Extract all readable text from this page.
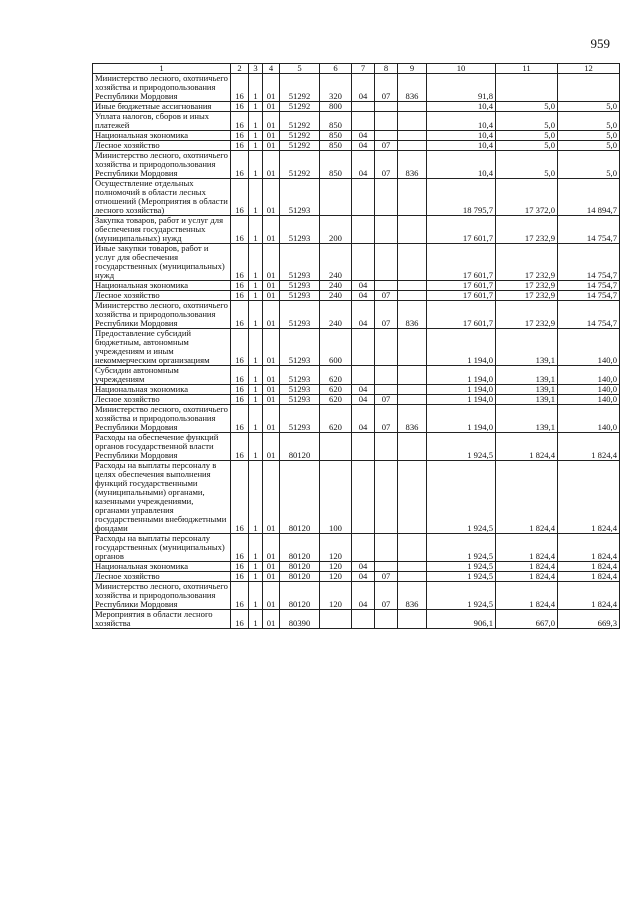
959
1	2	3	4	5	6	7	8	9	10	11	12
Министерство лесного, охотничьего хозяйства и природопользования Республики Мордовия	16	1	01	51292	320	04	07	836	91,8		
Иные бюджетные ассигнования	16	1	01	51292	800				10,4	5,0	5,0
Уплата налогов, сборов и иных платежей	16	1	01	51292	850				10,4	5,0	5,0
Национальная экономика	16	1	01	51292	850	04			10,4	5,0	5,0
Лесное хозяйство	16	1	01	51292	850	04	07		10,4	5,0	5,0
Министерство лесного, охотничьего хозяйства и природопользования Республики Мордовия	16	1	01	51292	850	04	07	836	10,4	5,0	5,0
Осуществление отдельных полномочий в области лесных отношений (Мероприятия в области лесного хозяйства)	16	1	01	51293					18 795,7	17 372,0	14 894,7
Закупка товаров, работ и услуг для обеспечения государственных (муниципальных) нужд	16	1	01	51293	200				17 601,7	17 232,9	14 754,7
Иные закупки товаров, работ и услуг для обеспечения государственных (муниципальных) нужд	16	1	01	51293	240				17 601,7	17 232,9	14 754,7
Национальная экономика	16	1	01	51293	240	04			17 601,7	17 232,9	14 754,7
Лесное хозяйство	16	1	01	51293	240	04	07		17 601,7	17 232,9	14 754,7
Министерство лесного, охотничьего хозяйства и природопользования Республики Мордовия	16	1	01	51293	240	04	07	836	17 601,7	17 232,9	14 754,7
Предоставление субсидий бюджетным, автономным учреждениям и иным некоммерческим организациям	16	1	01	51293	600				1 194,0	139,1	140,0
Субсидии автономным учреждениям	16	1	01	51293	620				1 194,0	139,1	140,0
Национальная экономика	16	1	01	51293	620	04			1 194,0	139,1	140,0
Лесное хозяйство	16	1	01	51293	620	04	07		1 194,0	139,1	140,0
Министерство лесного, охотничьего хозяйства и природопользования Республики Мордовия	16	1	01	51293	620	04	07	836	1 194,0	139,1	140,0
Расходы на обеспечение функций органов государственной власти Республики Мордовия	16	1	01	80120					1 924,5	1 824,4	1 824,4
Расходы на выплаты персоналу в целях обеспечения выполнения функций государственными (муниципальными) органами, казенными учреждениями, органами управления государственными внебюджетными фондами	16	1	01	80120	100				1 924,5	1 824,4	1 824,4
Расходы на выплаты персоналу государственных (муниципальных) органов	16	1	01	80120	120				1 924,5	1 824,4	1 824,4
Национальная экономика	16	1	01	80120	120	04			1 924,5	1 824,4	1 824,4
Лесное хозяйство	16	1	01	80120	120	04	07		1 924,5	1 824,4	1 824,4
Министерство лесного, охотничьего хозяйства и природопользования Республики Мордовия	16	1	01	80120	120	04	07	836	1 924,5	1 824,4	1 824,4
Мероприятия в области лесного хозяйства	16	1	01	80390					906,1	667,0	669,3
